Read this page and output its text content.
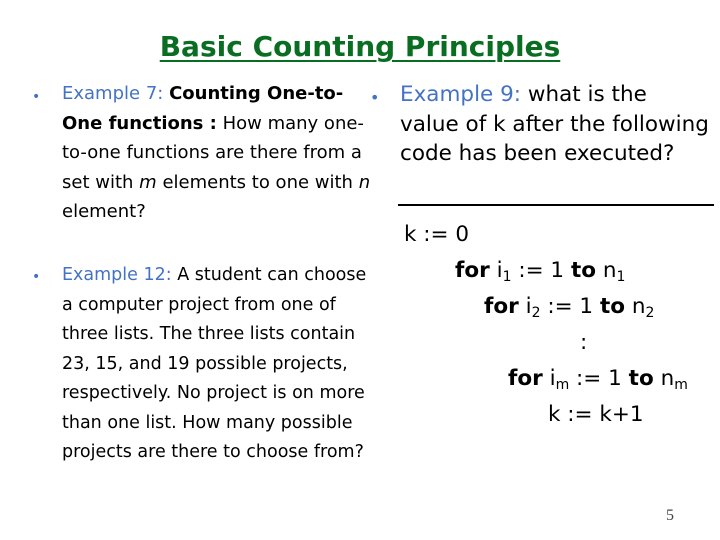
Basic Counting Principles
• Example 7: Counting One-to-One functions : How many one-to-one functions are there from a set with m elements to one with n element?
• Example 12: A student can choose a computer project from one of three lists. The three lists contain 23, 15, and 19 possible projects, respectively. No project is on more than one list. How many possible projects are there to choose from?
• Example 9: what is the value of k after the following code has been executed?
k := 0
for $i_1$ := 1 to $n_1$
for $i_2$ := 1 to $n_2$
:
for $i_m$ := 1 to $n_m$
k := k+1
5
